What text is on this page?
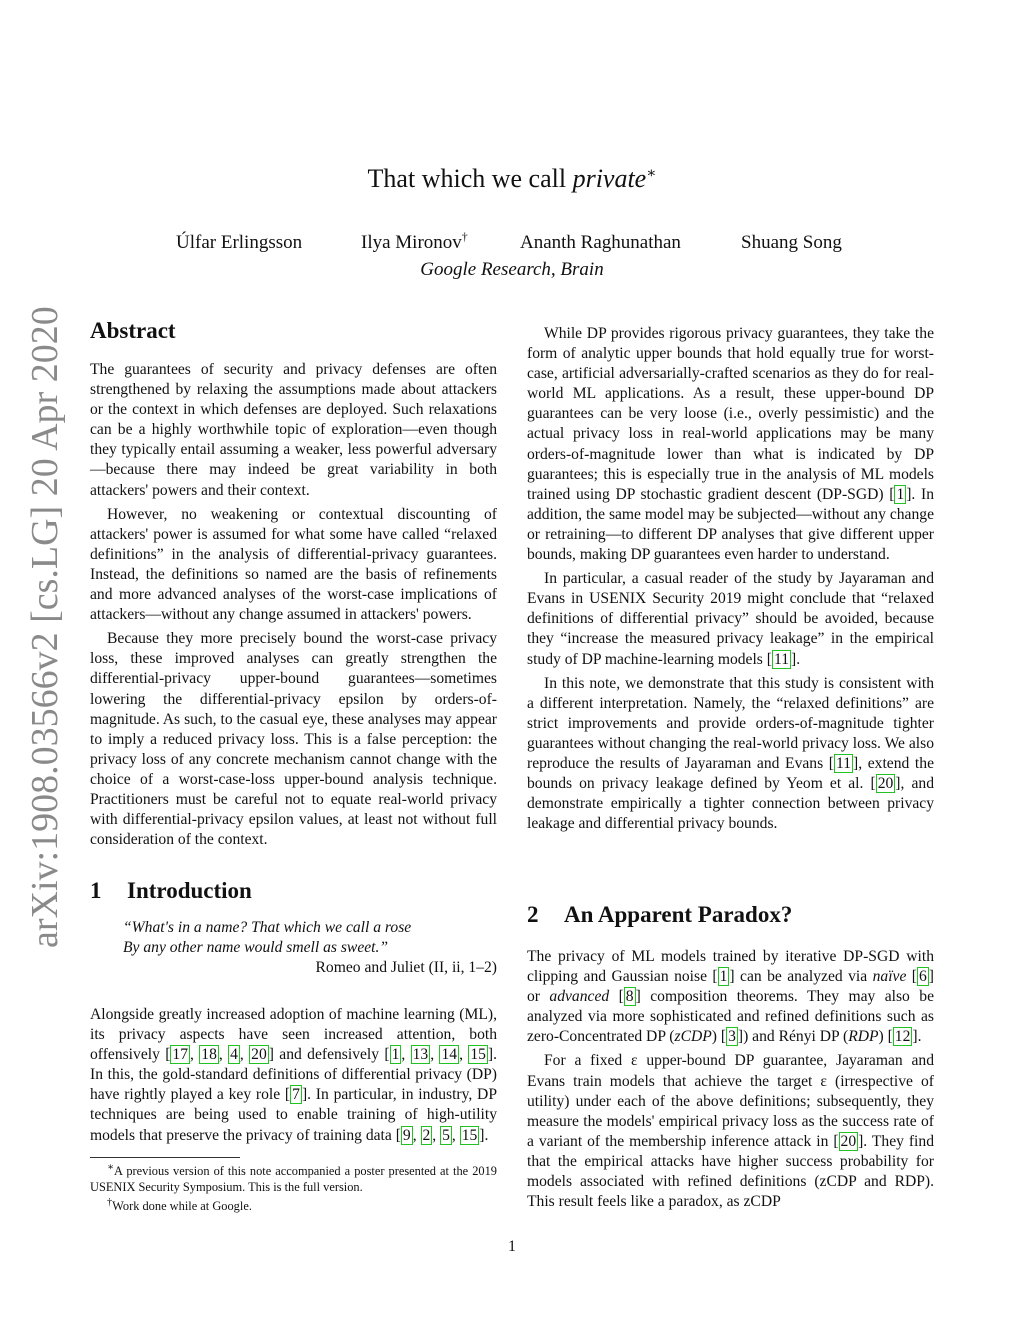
That which we call private∗
Úlfar Erlingsson	Ilya Mironov†	Ananth Raghunathan	Shuang Song
Google Research, Brain
arXiv:1908.03566v2 [cs.LG] 20 Apr 2020 Abstract

The guarantees of security and privacy defenses are often strengthened by relaxing the assumptions made about attackers or the context in which defenses are deployed. Such relaxations can be a highly worthwhile topic of exploration—even though they typically entail assuming a weaker, less powerful adversary—because there may indeed be great variability in both attackers' powers and their context.

However, no weakening or contextual discounting of attackers' power is assumed for what some have called “relaxed definitions” in the analysis of differential-privacy guarantees. Instead, the definitions so named are the basis of refinements and more advanced analyses of the worst-case implications of attackers—without any change assumed in attackers' powers.

Because they more precisely bound the worst-case privacy loss, these improved analyses can greatly strengthen the differential-privacy upper-bound guarantees—sometimes lowering the differential-privacy epsilon by orders-of-magnitude. As such, to the casual eye, these analyses may appear to imply a reduced privacy loss. This is a false perception: the privacy loss of any concrete mechanism cannot change with the choice of a worst-case-loss upper-bound analysis technique. Practitioners must be careful not to equate real-world privacy with differential-privacy epsilon values, at least not without full consideration of the context.

1 Introduction
“What's in a name? That which we call a rose
By any other name would smell as sweet.”
Romeo and Juliet (II, ii, 1–2)

Alongside greatly increased adoption of machine learning (ML), its privacy aspects have seen increased attention, both offensively [ 17 , 18 , 4 , 20 ] and defensively [ 1 , 13 , 14 , 15 ]. In this, the gold-standard definitions of differential privacy (DP) have rightly played a key role [ 7 ]. In particular, in industry, DP techniques are being used to enable training of high-utility models that preserve the privacy of training data [ 9 , 2 , 5 , 15 ].

∗A previous version of this note accompanied a poster presented at the 2019 USENIX Security Symposium. This is the full version.

†Work done while at Google.

While DP provides rigorous privacy guarantees, they take the form of analytic upper bounds that hold equally true for worst-case, artificial adversarially-crafted scenarios as they do for real-world ML applications. As a result, these upper-bound DP guarantees can be very loose (i.e., overly pessimistic) and the actual privacy loss in real-world applications may be many orders-of-magnitude lower than what is indicated by DP guarantees; this is especially true in the analysis of ML models trained using DP stochastic gradient descent (DP-SGD) [ 1 ]. In addition, the same model may be subjected—without any change or retraining—to different DP analyses that give different upper bounds, making DP guarantees even harder to understand.

In particular, a casual reader of the study by Jayaraman and Evans in USENIX Security 2019 might conclude that “relaxed definitions of differential privacy” should be avoided, because they “increase the measured privacy leakage” in the empirical study of DP machine-learning models [ 11 ].

In this note, we demonstrate that this study is consistent with a different interpretation. Namely, the “relaxed definitions” are strict improvements and provide orders-of-magnitude tighter guarantees without changing the real-world privacy loss. We also reproduce the results of Jayaraman and Evans [ 11 ], extend the bounds on privacy leakage defined by Yeom et al. [ 20 ], and demonstrate empirically a tighter connection between privacy leakage and differential privacy bounds.

2 An Apparent Paradox?

The privacy of ML models trained by iterative DP-SGD with clipping and Gaussian noise [ 1 ] can be analyzed via naïve [ 6 ] or advanced [ 8 ] composition theorems. They may also be analyzed via more sophisticated and refined definitions such as zero-Concentrated DP (zCDP) [ 3 ]) and Rényi DP (RDP) [ 12 ].

For a fixed ε upper-bound DP guarantee, Jayaraman and Evans train models that achieve the target ε (irrespective of utility) under each of the above definitions; subsequently, they measure the models' empirical privacy loss as the success rate of a variant of the membership inference attack in [ 20 ]. They find that the empirical attacks have higher success probability for models associated with refined definitions (zCDP and RDP). This result feels like a paradox, as zCDP

1
